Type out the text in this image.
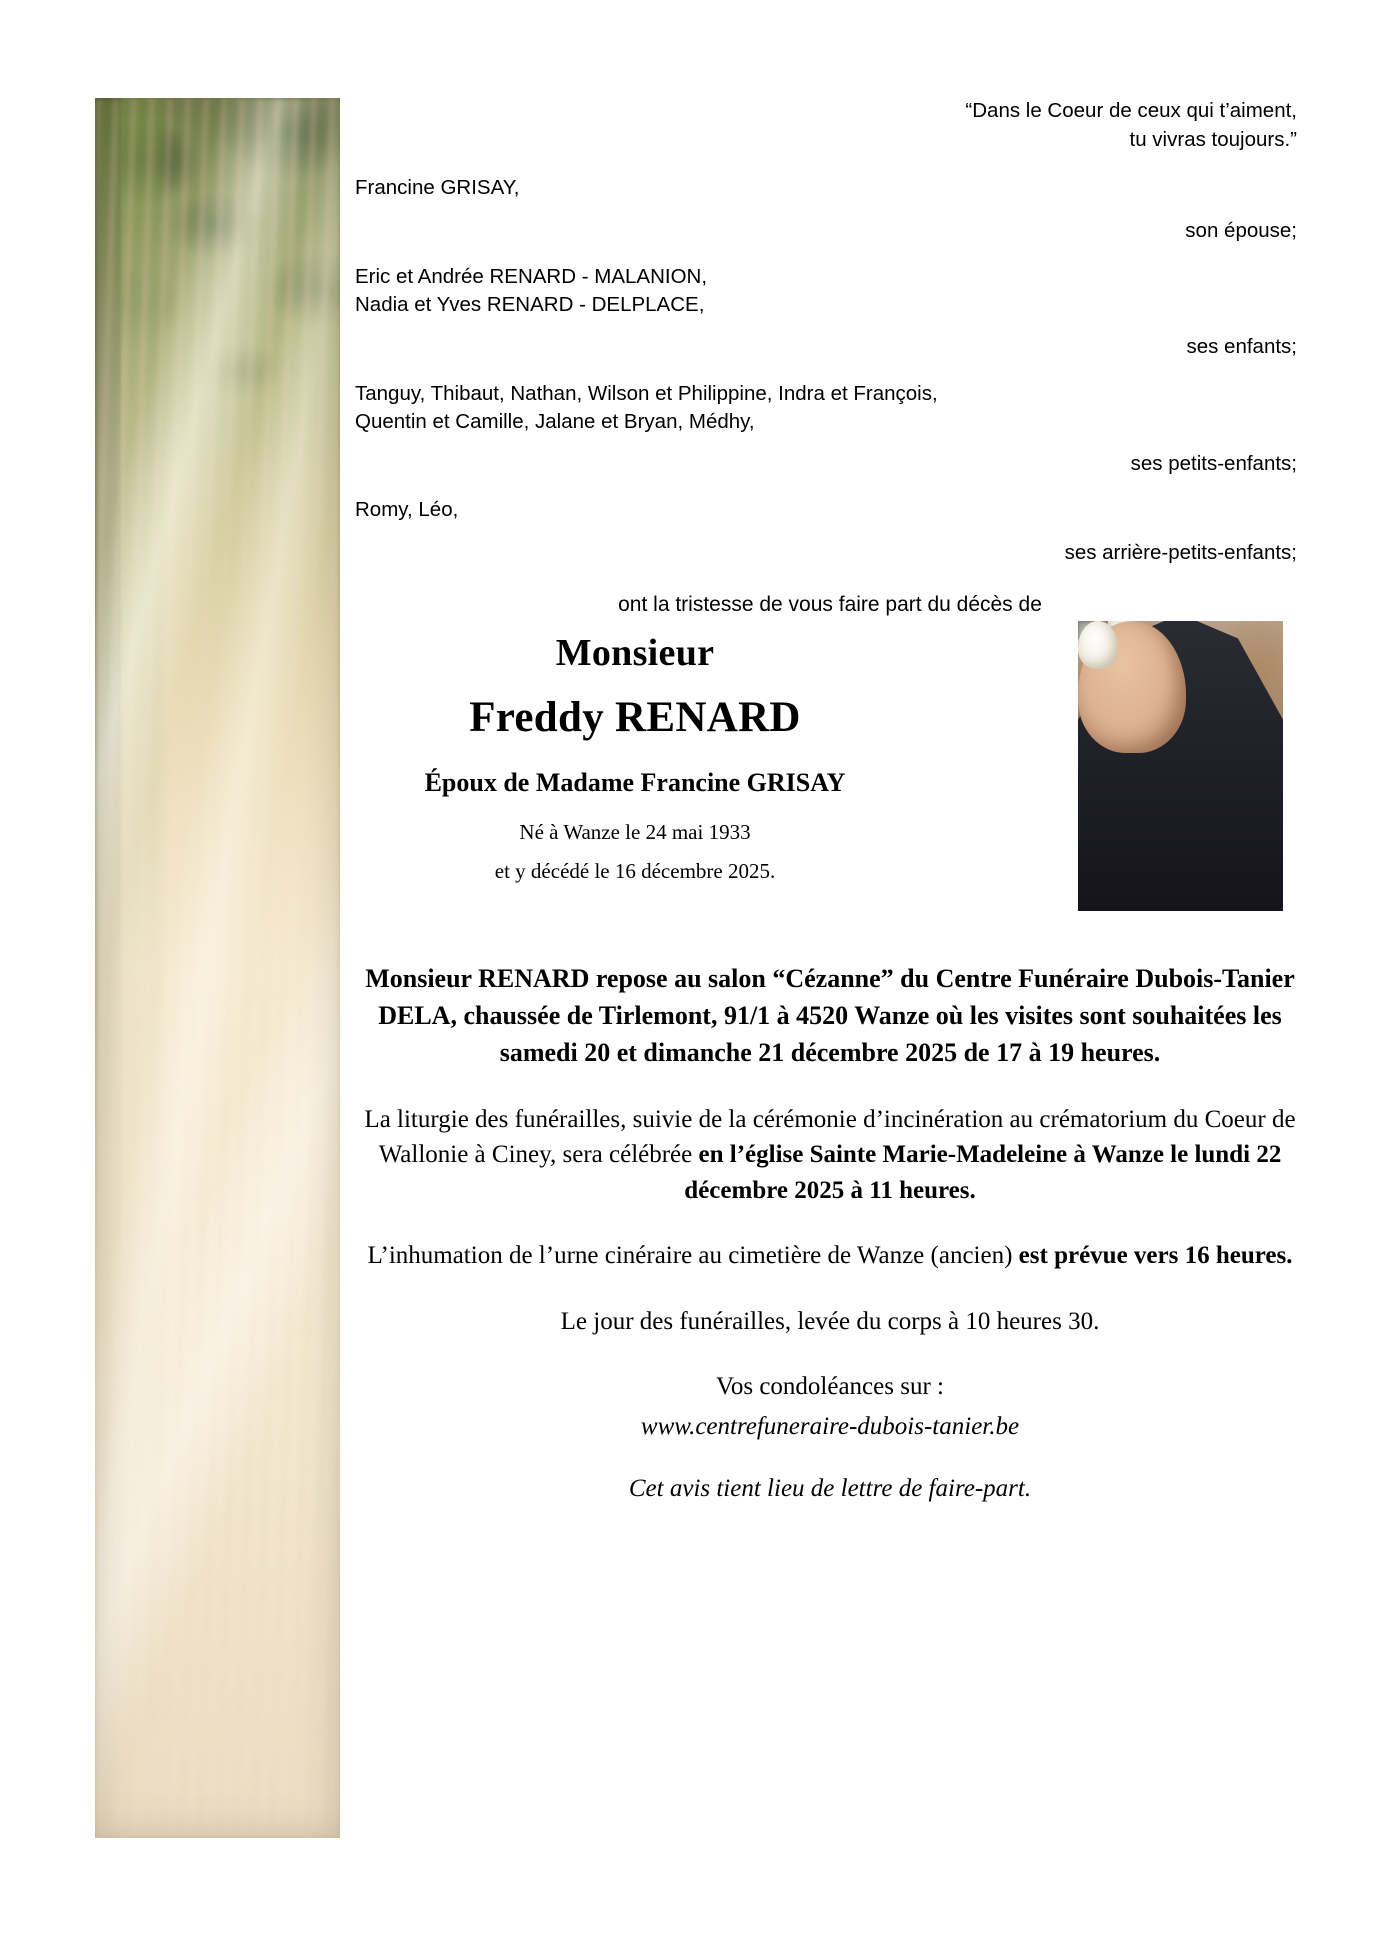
“Dans le Coeur de ceux qui t’aiment,
tu vivras toujours.”
Francine GRISAY,
son épouse;
Eric et Andrée RENARD - MALANION,
Nadia et Yves RENARD - DELPLACE,
ses enfants;
Tanguy, Thibaut, Nathan, Wilson et Philippine, Indra et François,
Quentin et Camille, Jalane et Bryan, Médhy,
ses petits-enfants;
Romy, Léo,
ses arrière-petits-enfants;
ont la tristesse de vous faire part du décès de
Monsieur
Freddy RENARD
Époux de Madame Francine GRISAY
Né à Wanze le 24 mai 1933
et y décédé le 16 décembre 2025.
Monsieur RENARD repose au salon “Cézanne” du Centre Funéraire Dubois-Tanier DELA, chaussée de Tirlemont, 91/1 à 4520 Wanze où les visites sont souhaitées les samedi 20 et dimanche 21 décembre 2025 de 17 à 19 heures.
La liturgie des funérailles, suivie de la cérémonie d’incinération au crématorium du Coeur de Wallonie à Ciney, sera célébrée en l’église Sainte Marie-Madeleine à Wanze le lundi 22 décembre 2025 à 11 heures.
L’inhumation de l’urne cinéraire au cimetière de Wanze (ancien) est prévue vers 16 heures.
Le jour des funérailles, levée du corps à 10 heures 30.
Vos condoléances sur :
www.centrefuneraire-dubois-tanier.be
Cet avis tient lieu de lettre de faire-part.
